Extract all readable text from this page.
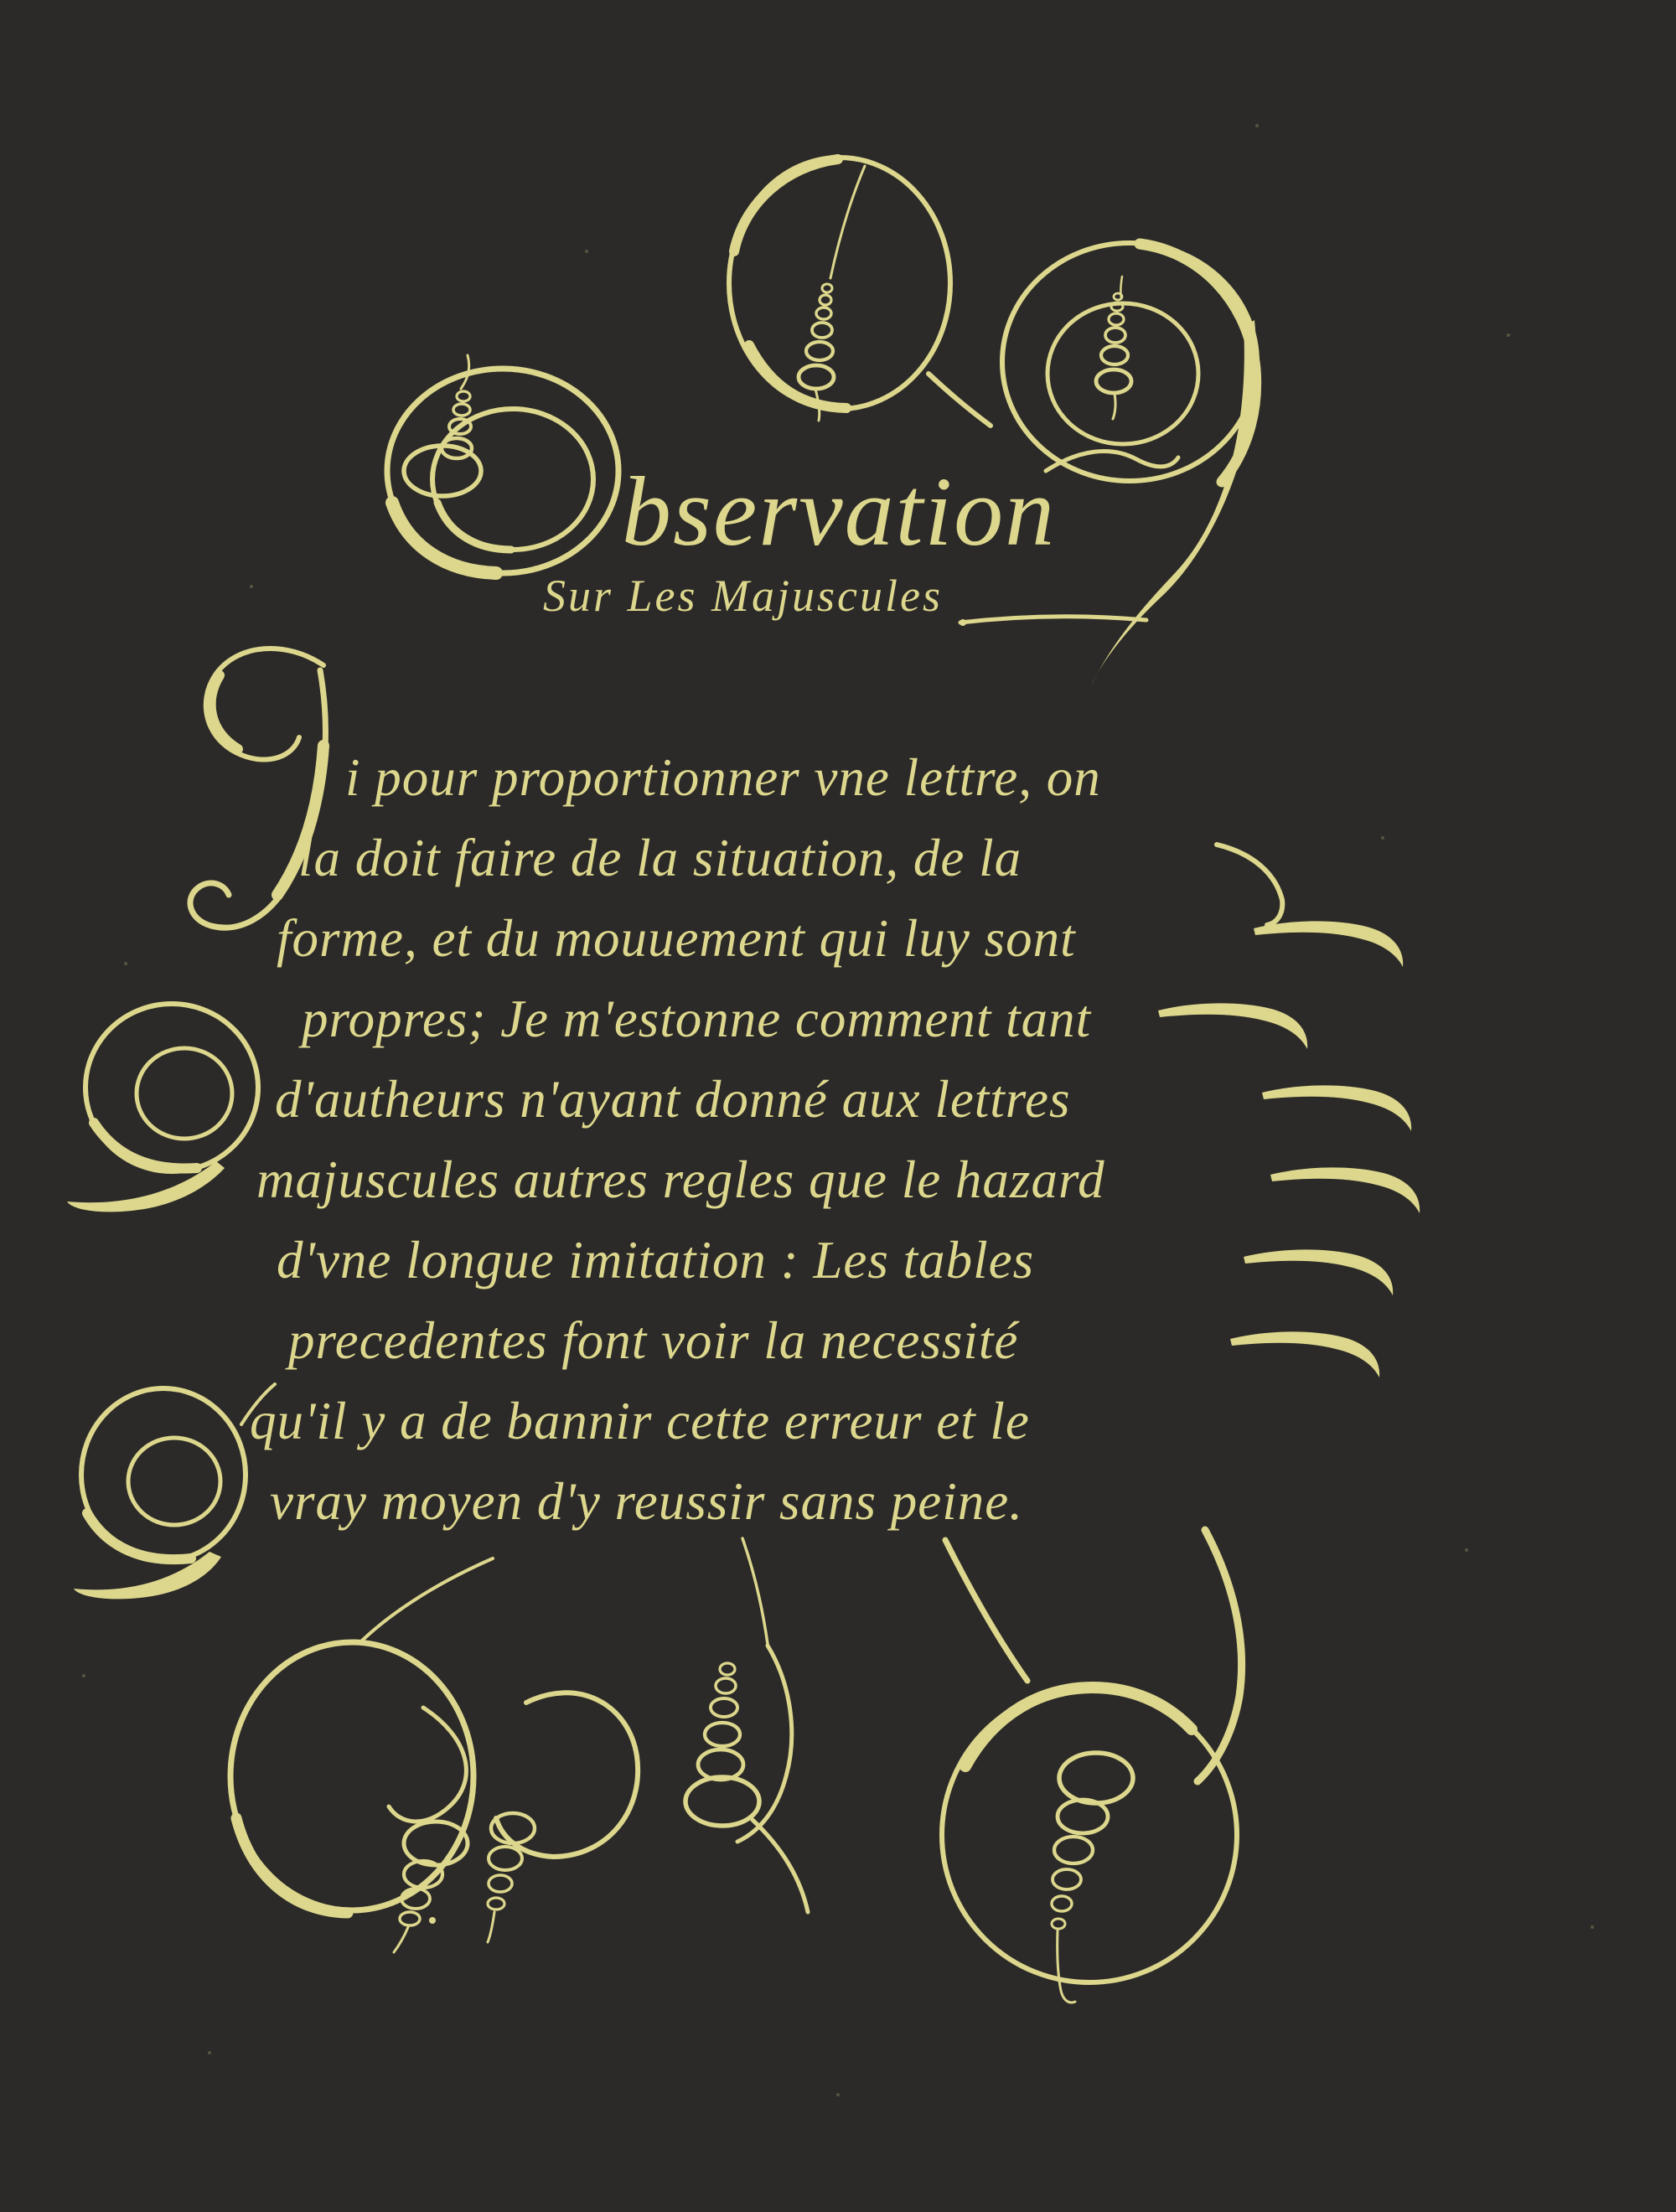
bservation
Sur Les Majuscules
i pour proportionner vne lettre, on
la doit faire de la situation, de la
forme, et du mouuement qui luy sont
propres; Je m'estonne comment tant
d'autheurs n'ayant donné aux lettres
majuscules autres regles que le hazard
d'vne longue imitation : Les tables
precedentes font voir la necessité
qu'il y a de bannir cette erreur et le
vray moyen d'y reussir sans peine.
